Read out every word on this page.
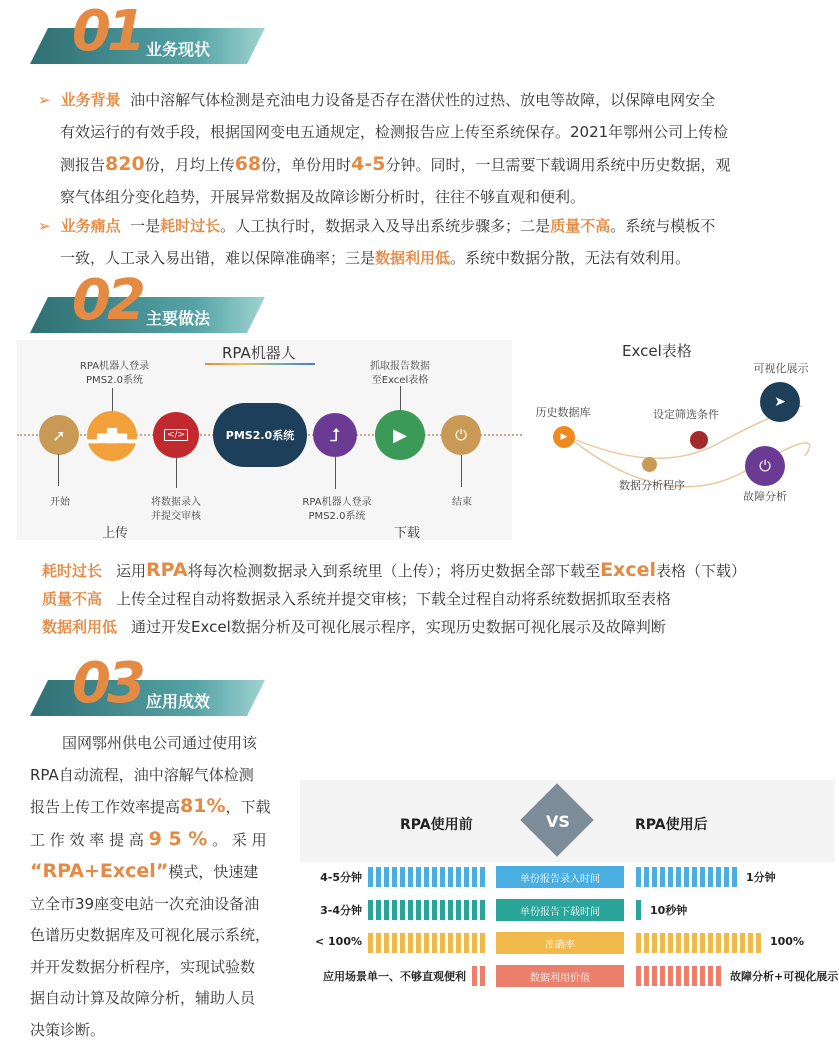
01 业务现状
➢ 业务背景 油中溶解气体检测是充油电力设备是否存在潜伏性的过热、放电等故障，以保障电网安全
有效运行的有效手段，根据国网变电五通规定，检测报告应上传至系统保存。2021年鄂州公司上传检
测报告820份，月均上传68份，单份用时4-5分钟。同时，一旦需要下载调用系统中历史数据，观
察气体组分变化趋势，开展异常数据及故障诊断分析时，往往不够直观和便利。
➢ 业务痛点 一是耗时过长。人工执行时，数据录入及导出系统步骤多；二是质量不高。系统与模板不
一致，人工录入易出错，难以保障准确率；三是数据利用低。系统中数据分散，无法有效利用。
02 主要做法
RPA机器人
➚
开始
▂▅█▅▂
RPA机器人登录
PMS2.0系统
</>
将数据录入
并提交审核
PMS2.0系统	⮥
RPA机器人登录
PMS2.0系统
▶
抓取报告数据
至Excel表格
⏻
结束
上传	下载
Excel表格
历史数据库
▶
设定筛选条件
可视化展示
➤
数据分析程序
⏻
故障分析
耗时过长 运用RPA将每次检测数据录入到系统里（上传）；将历史数据全部下载至Excel表格（下载）
质量不高 上传全过程自动将数据录入系统并提交审核；下载全过程自动将系统数据抓取至表格
数据利用低 通过开发Excel数据分析及可视化展示程序，实现历史数据可视化展示及故障判断
03 应用成效
国网鄂州供电公司通过使用该
RPA自动流程，油中溶解气体检测
报告上传工作效率提高81%，下载
工 作 效 率 提 高 9 5 % 。 采 用
“RPA+Excel”模式，快速建
立全市39座变电站一次充油设备油
色谱历史数据库及可视化展示系统，
并开发数据分析程序，实现试验数
据自动计算及故障分析，辅助人员
决策诊断。
RPA使用前	VS	RPA使用后
4-5分钟	单份报告录入时间	1分钟
3-4分钟	单份报告下载时间	10秒钟
< 100%	准确率	100%
应用场景单一、不够直观便利	数据利用价值	故障分析+可视化展示
